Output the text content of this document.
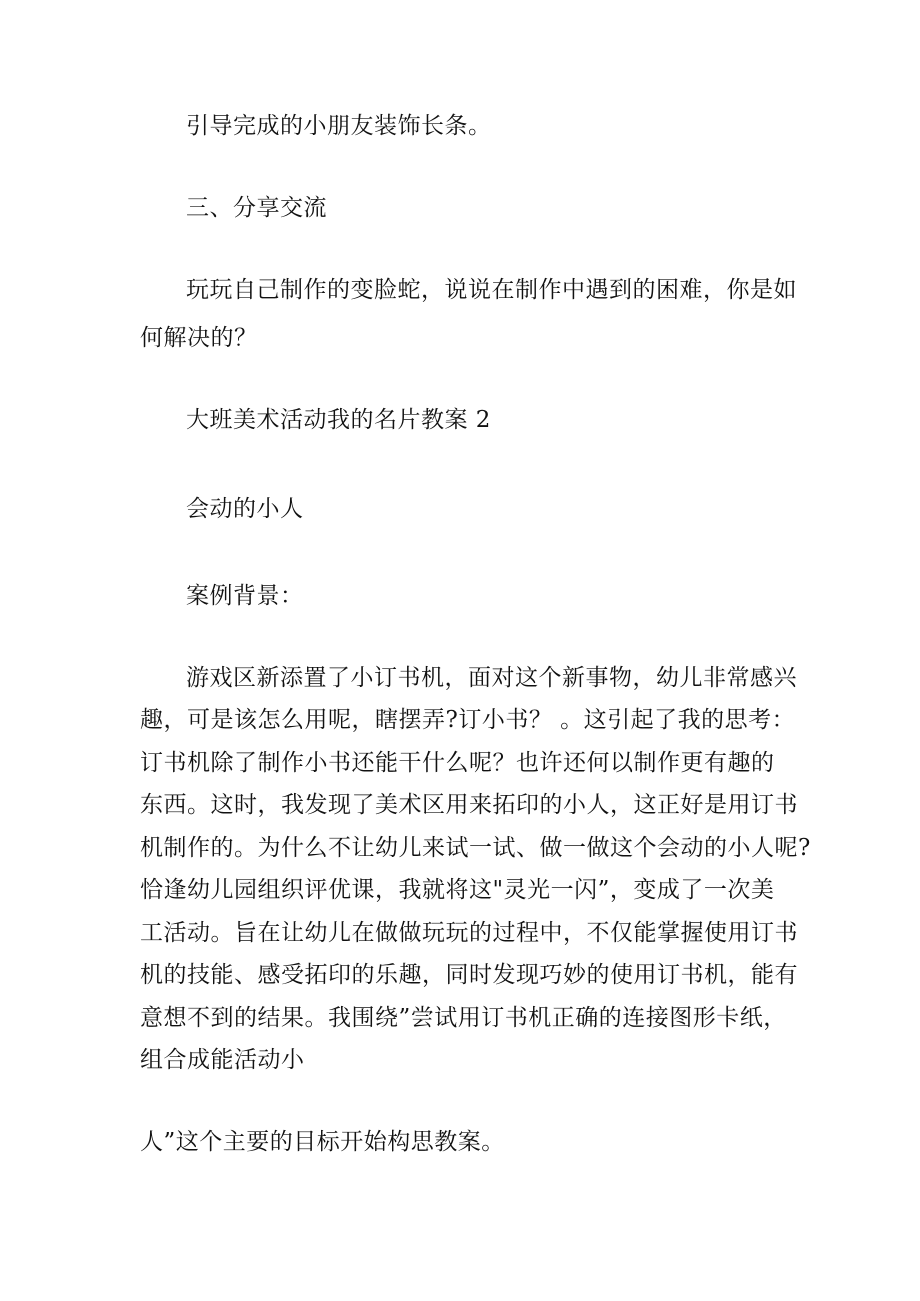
引导完成的小朋友装饰长条。
三、分享交流
玩玩自己制作的变脸蛇，说说在制作中遇到的困难，你是如
何解决的？
大班美术活动我的名片教案 2
会动的小人
案例背景：
游戏区新添置了小订书机，面对这个新事物，幼儿非常感兴
趣，可是该怎么用呢，瞎摆弄?订小书？ 。这引起了我的思考：
订书机除了制作小书还能干什么呢？也许还何以制作更有趣的
东西。这时，我发现了美术区用来拓印的小人，这正好是用订书
机制作的。为什么不让幼儿来试一试、做一做这个会动的小人呢?
恰逢幼儿园组织评优课，我就将这"灵光一闪”，变成了一次美
工活动。旨在让幼儿在做做玩玩的过程中，不仅能掌握使用订书
机的技能、感受拓印的乐趣，同时发现巧妙的使用订书机，能有
意想不到的结果。我围绕”尝试用订书机正确的连接图形卡纸，
组合成能活动小
人”这个主要的目标开始构思教案。
